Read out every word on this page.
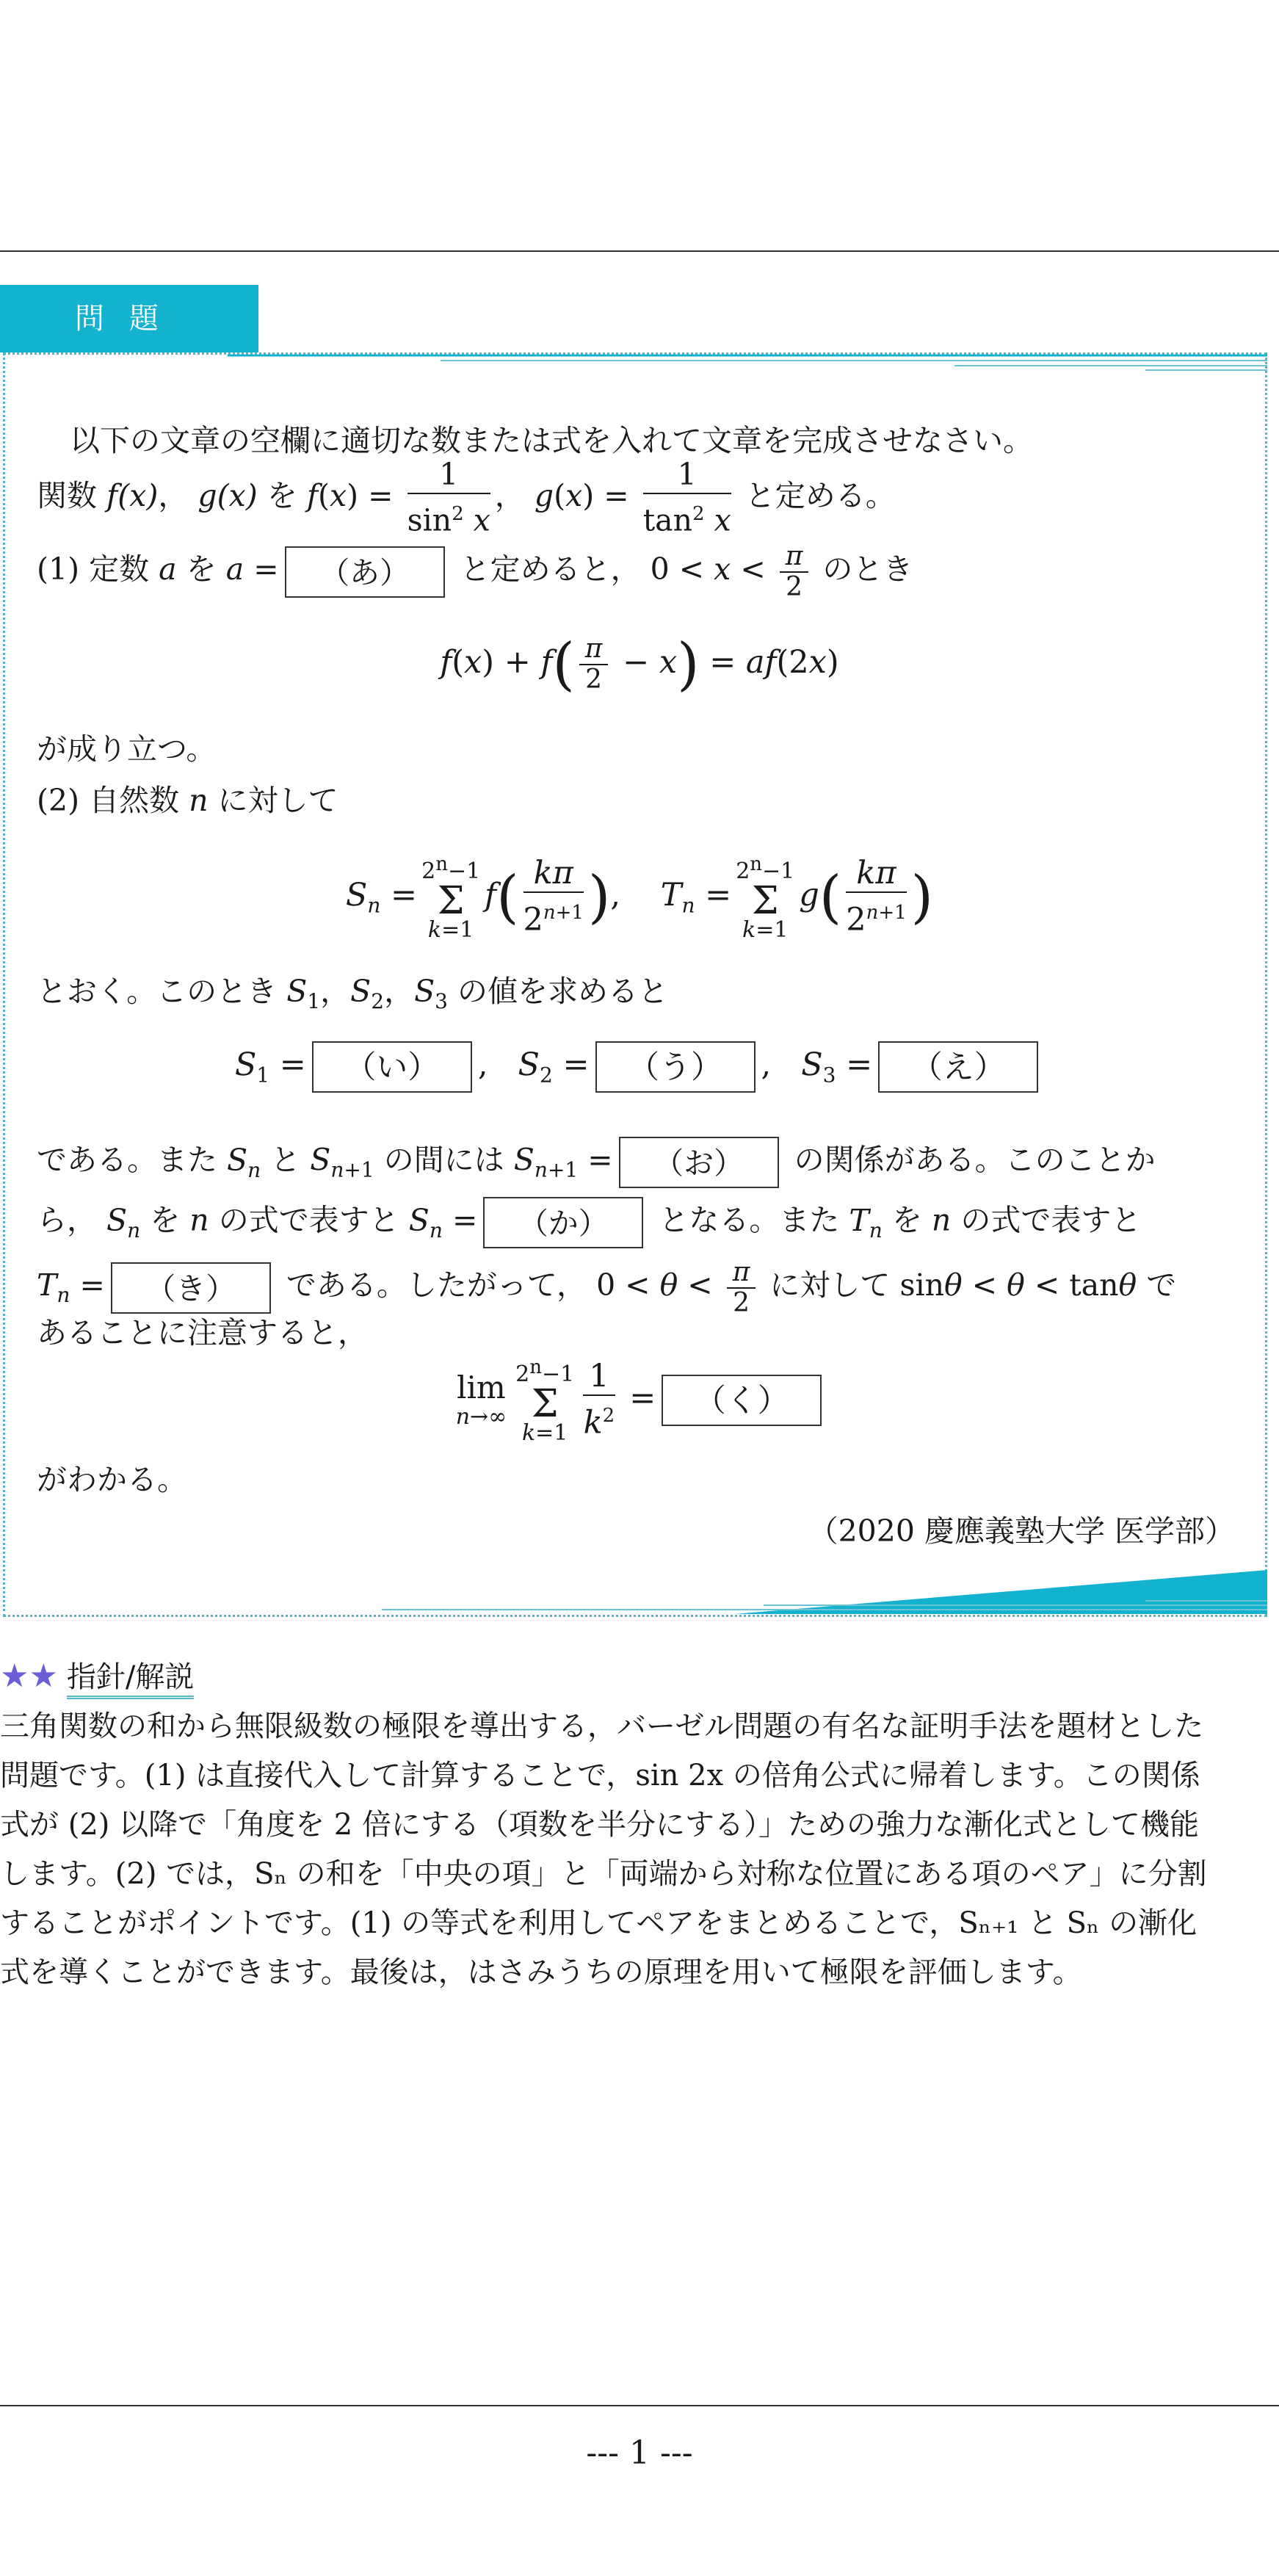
問題
以下の文章の空欄に適切な数または式を入れて文章を完成させなさい。
関数 f(x)， g(x) を $f(x) = \frac{1}{\sin^2 x}$ ， $g(x) = \frac{1}{\tan^2 x}$ と定める。
(1) 定数 a を a = （あ） と定めると， $0 < x < \frac{\pi}{2}$ のとき
$f(x) + f( \frac{\pi}{2} - x) = af(2x)$
が成り立つ。
(2) 自然数 n に対して
$S_n =2^n-1$
Σ
$k=1f( \frac{k\pi}{2^{n+1}}$ ),    $T_n =2^n-1$
Σ
$k=1g( \frac{k\pi}{2^{n+1}}$ )
とおく。このとき $S_1$，$S_2$，$S_3$ の値を求めると
$S_1$ = （い） ,   $S_2$ = （う） ,   $S_3$ = （え）
である。また $S_n$ と $S_{n+1}$ の間には $S_{n+1}$ = （お） の関係がある。このことか
ら， $S_n$ を n の式で表すと $S_n$ = （か） となる。また $T_n$ を n の式で表すと
$T_n$ = （き） である。したがって， $0 < \theta < \frac{\pi}{2}$ に対して sinθ < θ < tanθ で
あることに注意すると，
lim
$n\to\infty 2^n-1$
Σ
$k=1 \frac{1}{k^2}$ = （く）
がわかる。
（2020 慶應義塾大学 医学部）
★★ 指針/解説
三角関数の和から無限級数の極限を導出する，バーゼル問題の有名な証明手法を題材とした
問題です。(1) は直接代入して計算することで，sin 2x の倍角公式に帰着します。この関係
式が (2) 以降で「角度を 2 倍にする（項数を半分にする）」ための強力な漸化式として機能
します。(2) では，Sₙ の和を「中央の項」と「両端から対称な位置にある項のペア」に分割
することがポイントです。(1) の等式を利用してペアをまとめることで，Sₙ₊₁ と Sₙ の漸化
式を導くことができます。最後は，はさみうちの原理を用いて極限を評価します。
--- 1 ---
